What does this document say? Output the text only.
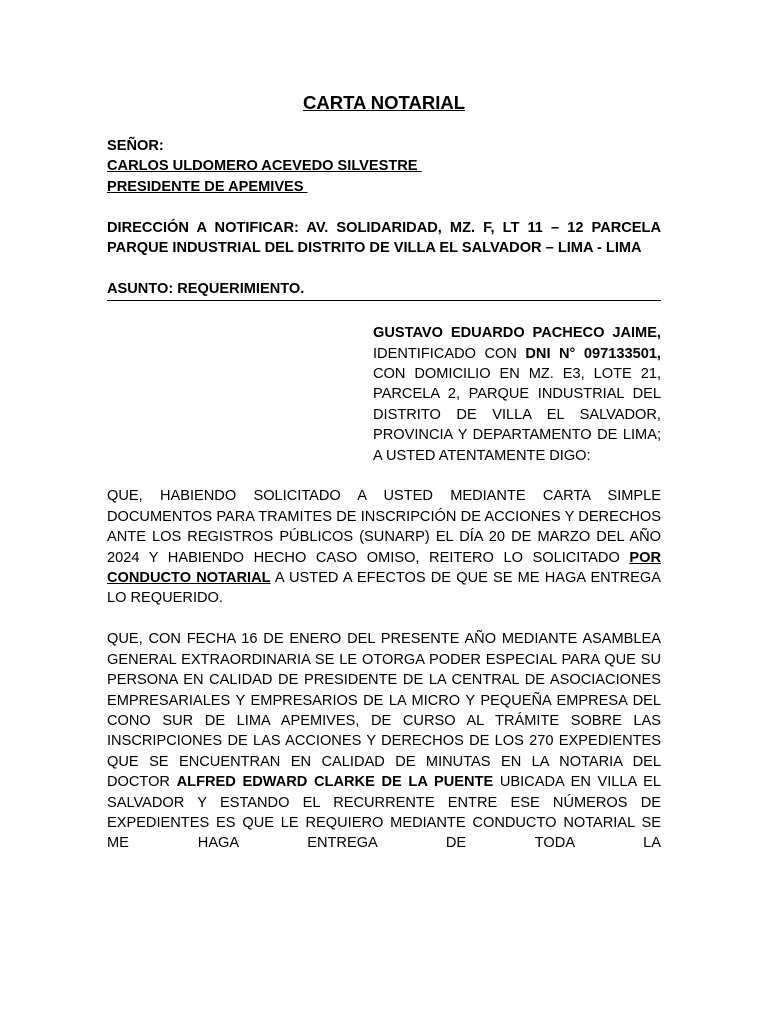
CARTA NOTARIAL
SEÑOR:
CARLOS ULDOMERO ACEVEDO SILVESTRE
PRESIDENTE DE APEMIVES
DIRECCIÓN A NOTIFICAR: AV. SOLIDARIDAD, MZ. F, LT 11 – 12 PARCELA PARQUE INDUSTRIAL DEL DISTRITO DE VILLA EL SALVADOR – LIMA - LIMA
ASUNTO: REQUERIMIENTO.
GUSTAVO EDUARDO PACHECO JAIME, IDENTIFICADO CON DNI N° 097133501, CON DOMICILIO EN MZ. E3, LOTE 21, PARCELA 2, PARQUE INDUSTRIAL DEL DISTRITO DE VILLA EL SALVADOR, PROVINCIA Y DEPARTAMENTO DE LIMA; A USTED ATENTAMENTE DIGO:
QUE, HABIENDO SOLICITADO A USTED MEDIANTE CARTA SIMPLE DOCUMENTOS PARA TRAMITES DE INSCRIPCIÓN DE ACCIONES Y DERECHOS ANTE LOS REGISTROS PÚBLICOS (SUNARP) EL DÍA 20 DE MARZO DEL AÑO 2024 Y HABIENDO HECHO CASO OMISO, REITERO LO SOLICITADO POR CONDUCTO NOTARIAL A USTED A EFECTOS DE QUE SE ME HAGA ENTREGA LO REQUERIDO.
QUE, CON FECHA 16 DE ENERO DEL PRESENTE AÑO MEDIANTE ASAMBLEA GENERAL EXTRAORDINARIA SE LE OTORGA PODER ESPECIAL PARA QUE SU PERSONA EN CALIDAD DE PRESIDENTE DE LA CENTRAL DE ASOCIACIONES EMPRESARIALES Y EMPRESARIOS DE LA MICRO Y PEQUEÑA EMPRESA DEL CONO SUR DE LIMA APEMIVES, DE CURSO AL TRÁMITE SOBRE LAS INSCRIPCIONES DE LAS ACCIONES Y DERECHOS DE LOS 270 EXPEDIENTES QUE SE ENCUENTRAN EN CALIDAD DE MINUTAS EN LA NOTARIA DEL DOCTOR ALFRED EDWARD CLARKE DE LA PUENTE UBICADA EN VILLA EL SALVADOR Y ESTANDO EL RECURRENTE ENTRE ESE NÚMEROS DE EXPEDIENTES ES QUE LE REQUIERO MEDIANTE CONDUCTO NOTARIAL SE ME HAGA ENTREGA DE TODA LA
